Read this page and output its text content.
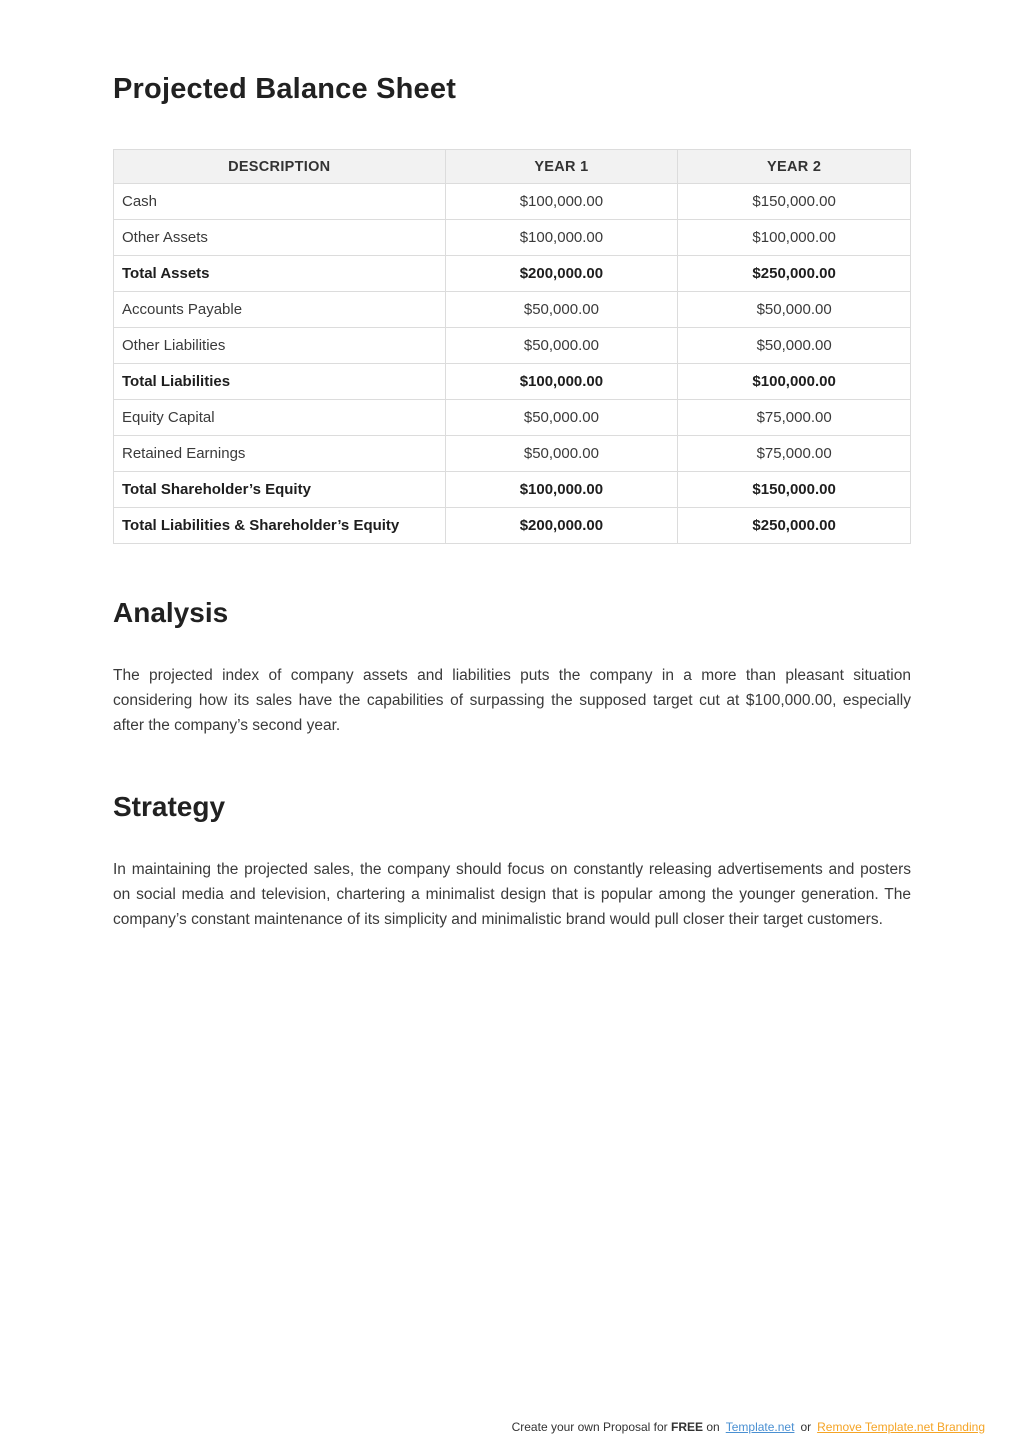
Projected Balance Sheet
DESCRIPTION	YEAR 1	YEAR 2
Cash	$100,000.00	$150,000.00
Other Assets	$100,000.00	$100,000.00
Total Assets	$200,000.00	$250,000.00
Accounts Payable	$50,000.00	$50,000.00
Other Liabilities	$50,000.00	$50,000.00
Total Liabilities	$100,000.00	$100,000.00
Equity Capital	$50,000.00	$75,000.00
Retained Earnings	$50,000.00	$75,000.00
Total Shareholder’s Equity	$100,000.00	$150,000.00
Total Liabilities & Shareholder’s Equity	$200,000.00	$250,000.00
Analysis

The projected index of company assets and liabilities puts the company in a more than pleasant situation considering how its sales have the capabilities of surpassing the supposed target cut at $100,000.00, especially after the company’s second year.

Strategy

In maintaining the projected sales, the company should focus on constantly releasing advertisements and posters on social media and television, chartering a minimalist design that is popular among the younger generation. The company’s constant maintenance of its simplicity and minimalistic brand would pull closer their target customers.

Create your own Proposal for FREE on Template.net or Remove Template.net Branding
